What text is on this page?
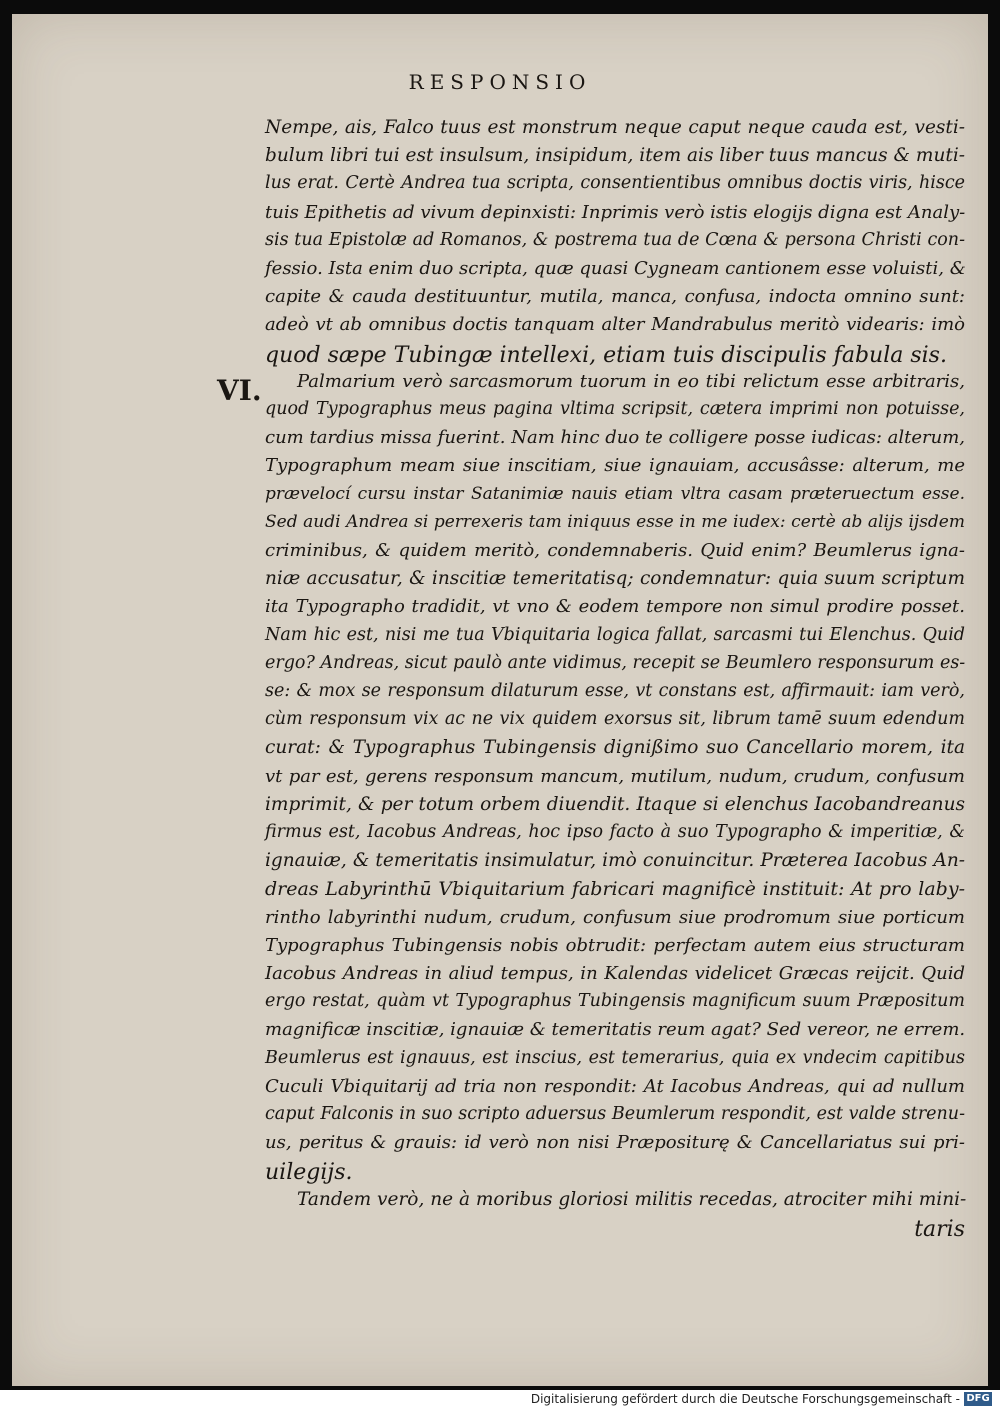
RESPONSIO
VI.
Nempe, ais, Falco tuus est monstrum neque caput neque cauda est, vesti-
bulum libri tui est insulsum, insipidum, item ais liber tuus mancus & muti-
lus erat. Certè Andrea tua scripta, consentientibus omnibus doctis viris, hisce
tuis Epithetis ad vivum depinxisti: Inprimis verò istis elogijs digna est Analy-
sis tua Epistolæ ad Romanos, & postrema tua de Cœna & persona Christi con-
fessio. Ista enim duo scripta, quæ quasi Cygneam cantionem esse voluisti, &
capite & cauda destituuntur, mutila, manca, confusa, indocta omnino sunt:
adeò vt ab omnibus doctis tanquam alter Mandrabulus meritò videaris: imò
quod sæpe Tubingæ intellexi, etiam tuis discipulis fabula sis.
Palmarium verò sarcasmorum tuorum in eo tibi relictum esse arbitraris,
quod Typographus meus pagina vltima scripsit, cætera imprimi non potuisse,
cum tardius missa fuerint. Nam hinc duo te colligere posse iudicas: alterum,
Typographum meam siue inscitiam, siue ignauiam, accusâsse: alterum, me
prævelocí cursu instar Satanimiæ nauis etiam vltra casam præteruectum esse.
Sed audi Andrea si perrexeris tam iniquus esse in me iudex: certè ab alijs ijsdem
criminibus, & quidem meritò, condemnaberis. Quid enim? Beumlerus igna-
niæ accusatur, & inscitiæ temeritatisq; condemnatur: quia suum scriptum
ita Typographo tradidit, vt vno & eodem tempore non simul prodire posset.
Nam hic est, nisi me tua Vbiquitaria logica fallat, sarcasmi tui Elenchus. Quid
ergo? Andreas, sicut paulò ante vidimus, recepit se Beumlero responsurum es-
se: & mox se responsum dilaturum esse, vt constans est, affirmauit: iam verò,
cùm responsum vix ac ne vix quidem exorsus sit, librum tamē suum edendum
curat: & Typographus Tubingensis dignißimo suo Cancellario morem, ita
vt par est, gerens responsum mancum, mutilum, nudum, crudum, confusum
imprimit, & per totum orbem diuendit. Itaque si elenchus Iacobandreanus
firmus est, Iacobus Andreas, hoc ipso facto à suo Typographo & imperitiæ, &
ignauiæ, & temeritatis insimulatur, imò conuincitur. Præterea Iacobus An-
dreas Labyrinthū Vbiquitarium fabricari magnificè instituit: At pro laby-
rintho labyrinthi nudum, crudum, confusum siue prodromum siue porticum
Typographus Tubingensis nobis obtrudit: perfectam autem eius structuram
Iacobus Andreas in aliud tempus, in Kalendas videlicet Græcas reijcit. Quid
ergo restat, quàm vt Typographus Tubingensis magnificum suum Præpositum
magnificæ inscitiæ, ignauiæ & temeritatis reum agat? Sed vereor, ne errem.
Beumlerus est ignauus, est inscius, est temerarius, quia ex vndecim capitibus
Cuculi Vbiquitarij ad tria non respondit: At Iacobus Andreas, qui ad nullum
caput Falconis in suo scripto aduersus Beumlerum respondit, est valde strenu-
us, peritus & grauis: id verò non nisi Præpositurę & Cancellariatus sui pri-
uilegijs.
Tandem verò, ne à moribus gloriosi militis recedas, atrociter mihi mini-
taris
Digitalisierung gefördert durch die Deutsche Forschungsgemeinschaft - DFG
